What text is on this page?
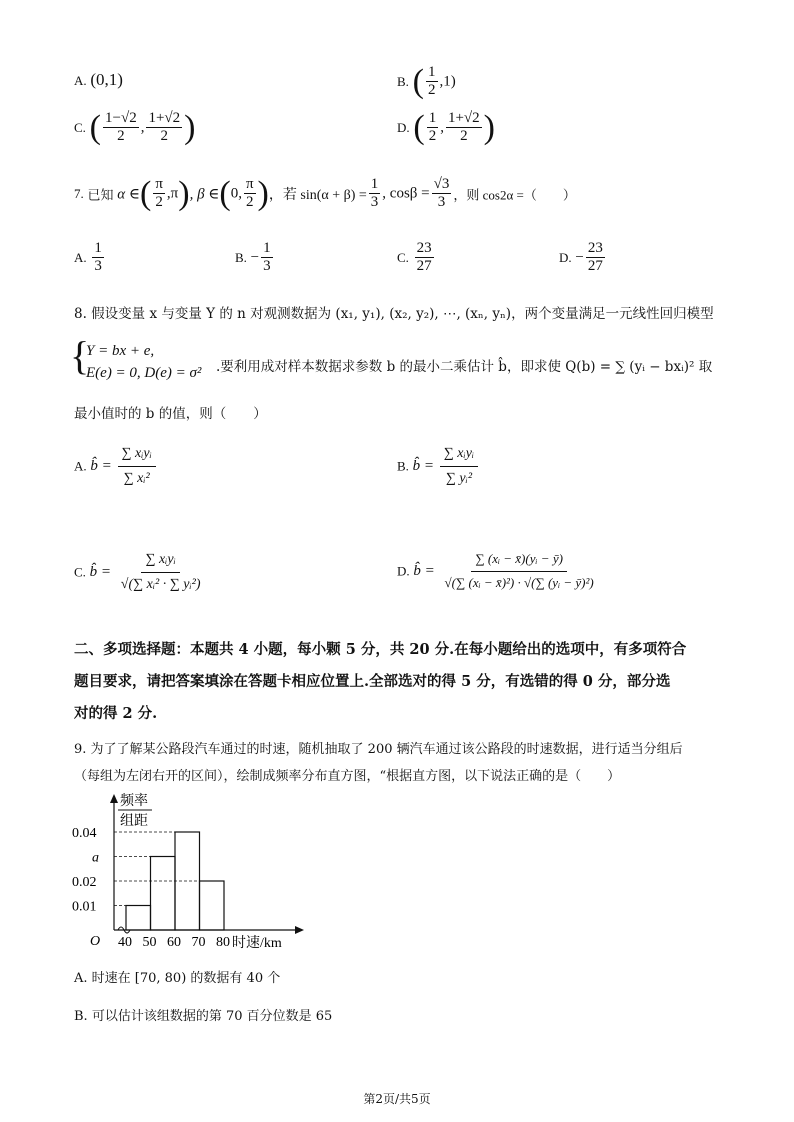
A. (0,1)	B. ( $\frac{1}{2} ,1$)
C. ( $\frac{1-√2}{2}$ , $\frac{1+√2}{2}$ )	D. ( $\frac{1}{2}$ , $\frac{1+√2}{2}$ )
7. 已知 α ∈( $\frac{\pi}{2} ,\pi$), β ∈(0, $\frac{\pi}{2}$ )，若 $\sin(\alpha + \beta) = \frac{1}{3}$ , $\cos\beta = \frac{√3}{3}$ ，则 cos2α =（　　）
A. $\frac{1}{3}$	B. − $\frac{1}{3}$	C. $\frac{23}{27}$	D. − $\frac{23}{27}$
8. 假设变量 x 与变量 Y 的 n 对观测数据为 (x₁, y₁), (x₂, y₂), ⋯, (xₙ, yₙ)，两个变量满足一元线性回归模型
{
Y = bx + e,
E(e) = 0, D(e) = σ² .要利用成对样本数据求参数 b 的最小二乘估计 b̂，即求使 Q(b) = ∑ (yᵢ − bxᵢ)² 取
最小值时的 b 的值，则（　　）
A. b̂ = $\frac{\text{∑ xᵢyᵢ}}{\text{∑ xᵢ²}}$	B. b̂ = $\frac{\text{∑ xᵢyᵢ}}{\text{∑ yᵢ²}}$
C. b̂ = $\frac{\text{∑ xᵢyᵢ}}{\text{√(∑ xᵢ² · ∑ yᵢ²)}}$	D. b̂ = $\frac{\text{∑ (xᵢ − x̄)(yᵢ − ȳ)}}{\text{√(∑ (xᵢ − x̄)²) · √(∑ (yᵢ − ȳ)²)}}$
二、多项选择题：本题共 4 小题，每小颗 5 分，共 20 分.在每小题给出的选项中，有多项符合
题目要求，请把答案填涂在答题卡相应位置上.全部选对的得 5 分，有选错的得 0 分，部分选
对的得 2 分.
9. 为了了解某公路段汽车通过的时速，随机抽取了 200 辆汽车通过该公路段的时速数据，进行适当分组后
（每组为左闭右开的区间），绘制成频率分布直方图，“根据直方图，以下说法正确的是（　　）
频率
组距
O	时速/km
0.04
a
0.02
0.01
40 50 60 70 80
A. 时速在 [70, 80) 的数据有 40 个
B. 可以估计该组数据的第 70 百分位数是 65
第2页/共5页
